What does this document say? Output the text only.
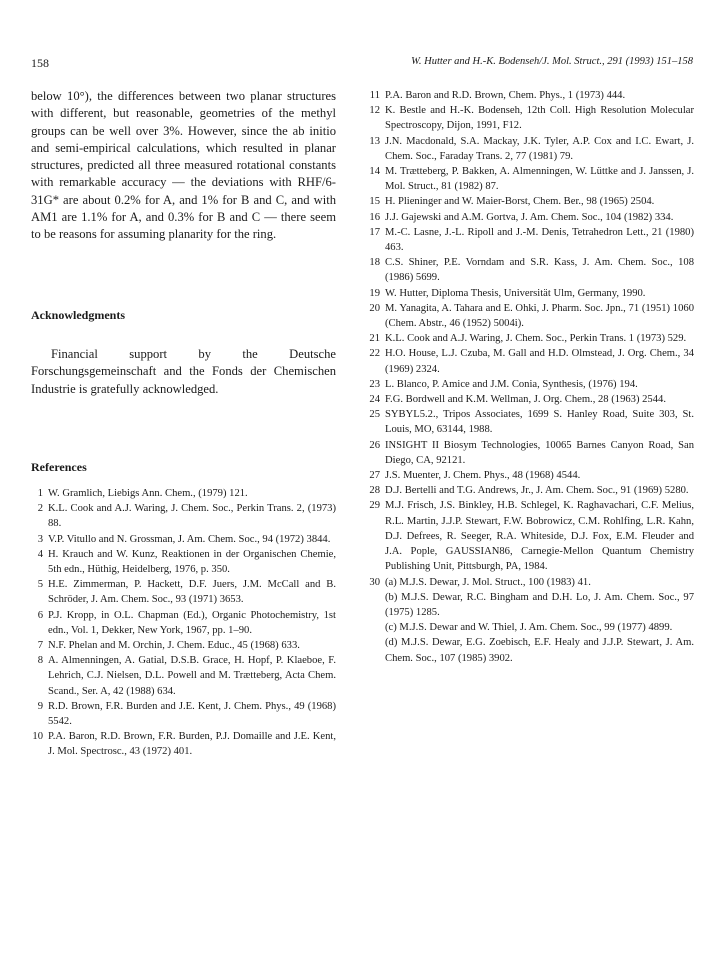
158	W. Hutter and H.-K. Bodenseh/J. Mol. Struct., 291 (1993) 151–158

below 10°), the differences between two planar structures with different, but reasonable, geometries of the methyl groups can be well over 3%. However, since the ab initio and semi-empirical calculations, which resulted in planar structures, predicted all three measured rotational constants with remarkable accuracy — the deviations with RHF/6-31G* are about 0.2% for A, and 1% for B and C, and with AM1 are 1.1% for A, and 0.3% for B and C — there seem to be reasons for assuming planarity for the ring.

Acknowledgments

Financial support by the Deutsche Forschungsgemeinschaft and the Fonds der Chemischen Industrie is gratefully acknowledged.

References

1 W. Gramlich, Liebigs Ann. Chem., (1979) 121.

2 K.L. Cook and A.J. Waring, J. Chem. Soc., Perkin Trans. 2, (1973) 88.

3 V.P. Vitullo and N. Grossman, J. Am. Chem. Soc., 94 (1972) 3844.

4 H. Krauch and W. Kunz, Reaktionen in der Organischen Chemie, 5th edn., Hüthig, Heidelberg, 1976, p. 350.

5 H.E. Zimmerman, P. Hackett, D.F. Juers, J.M. McCall and B. Schröder, J. Am. Chem. Soc., 93 (1971) 3653.

6 P.J. Kropp, in O.L. Chapman (Ed.), Organic Photochemistry, 1st edn., Vol. 1, Dekker, New York, 1967, pp. 1–90.

7 N.F. Phelan and M. Orchin, J. Chem. Educ., 45 (1968) 633.

8 A. Almenningen, A. Gatial, D.S.B. Grace, H. Hopf, P. Klaeboe, F. Lehrich, C.J. Nielsen, D.L. Powell and M. Trætteberg, Acta Chem. Scand., Ser. A, 42 (1988) 634.

9 R.D. Brown, F.R. Burden and J.E. Kent, J. Chem. Phys., 49 (1968) 5542.

10 P.A. Baron, R.D. Brown, F.R. Burden, P.J. Domaille and J.E. Kent, J. Mol. Spectrosc., 43 (1972) 401.

11 P.A. Baron and R.D. Brown, Chem. Phys., 1 (1973) 444.

12 K. Bestle and H.-K. Bodenseh, 12th Coll. High Resolution Molecular Spectroscopy, Dijon, 1991, F12.

13 J.N. Macdonald, S.A. Mackay, J.K. Tyler, A.P. Cox and I.C. Ewart, J. Chem. Soc., Faraday Trans. 2, 77 (1981) 79.

14 M. Trætteberg, P. Bakken, A. Almenningen, W. Lüttke and J. Janssen, J. Mol. Struct., 81 (1982) 87.

15 H. Plieninger and W. Maier-Borst, Chem. Ber., 98 (1965) 2504.

16 J.J. Gajewski and A.M. Gortva, J. Am. Chem. Soc., 104 (1982) 334.

17 M.-C. Lasne, J.-L. Ripoll and J.-M. Denis, Tetrahedron Lett., 21 (1980) 463.

18 C.S. Shiner, P.E. Vorndam and S.R. Kass, J. Am. Chem. Soc., 108 (1986) 5699.

19 W. Hutter, Diploma Thesis, Universität Ulm, Germany, 1990.

20 M. Yanagita, A. Tahara and E. Ohki, J. Pharm. Soc. Jpn., 71 (1951) 1060 (Chem. Abstr., 46 (1952) 5004i).

21 K.L. Cook and A.J. Waring, J. Chem. Soc., Perkin Trans. 1 (1973) 529.

22 H.O. House, L.J. Czuba, M. Gall and H.D. Olmstead, J. Org. Chem., 34 (1969) 2324.

23 L. Blanco, P. Amice and J.M. Conia, Synthesis, (1976) 194.

24 F.G. Bordwell and K.M. Wellman, J. Org. Chem., 28 (1963) 2544.

25 SYBYL5.2., Tripos Associates, 1699 S. Hanley Road, Suite 303, St. Louis, MO, 63144, 1988.

26 INSIGHT II Biosym Technologies, 10065 Barnes Canyon Road, San Diego, CA, 92121.

27 J.S. Muenter, J. Chem. Phys., 48 (1968) 4544.

28 D.J. Bertelli and T.G. Andrews, Jr., J. Am. Chem. Soc., 91 (1969) 5280.

29 M.J. Frisch, J.S. Binkley, H.B. Schlegel, K. Raghavachari, C.F. Melius, R.L. Martin, J.J.P. Stewart, F.W. Bobrowicz, C.M. Rohlfing, L.R. Kahn, D.J. Defrees, R. Seeger, R.A. Whiteside, D.J. Fox, E.M. Fleuder and J.A. Pople, GAUSSIAN86, Carnegie-Mellon Quantum Chemistry Publishing Unit, Pittsburgh, PA, 1984.

30 (a) M.J.S. Dewar, J. Mol. Struct., 100 (1983) 41.
(b) M.J.S. Dewar, R.C. Bingham and D.H. Lo, J. Am. Chem. Soc., 97 (1975) 1285.
(c) M.J.S. Dewar and W. Thiel, J. Am. Chem. Soc., 99 (1977) 4899.
(d) M.J.S. Dewar, E.G. Zoebisch, E.F. Healy and J.J.P. Stewart, J. Am. Chem. Soc., 107 (1985) 3902.
